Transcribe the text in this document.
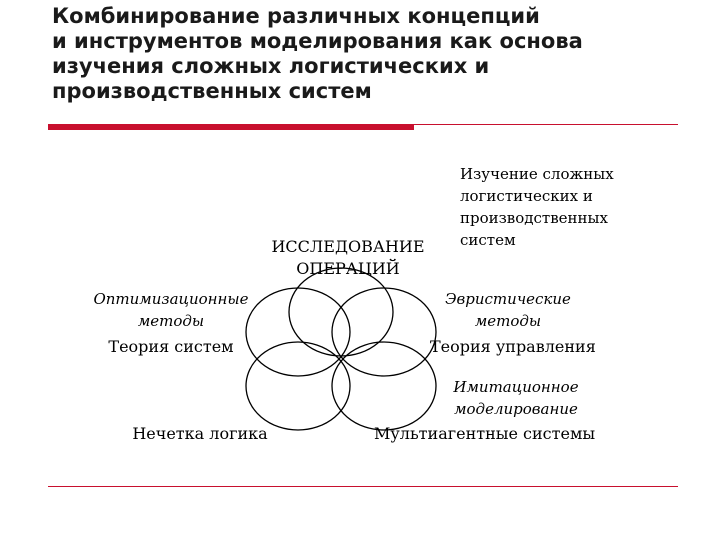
Комбинирование различных концепций
и инструментов моделирования как основа
изучения сложных логистических и
производственных систем
Изучение сложных
логистических и
производственных
систем
ИССЛЕДОВАНИЕ
ОПЕРАЦИЙ
Оптимизационные
методы
Теория систем
Эвристические
методы
Теория управления
Имитационное
моделирование
Нечетка логика	Мультиагентные системы
